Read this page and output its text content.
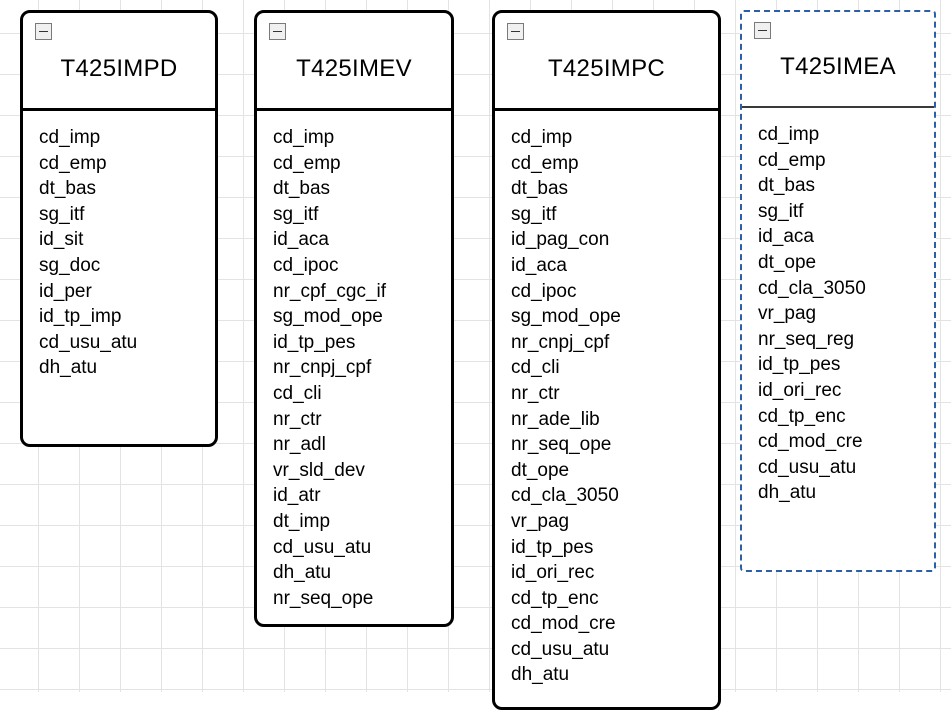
T425IMPD
cd_imp
cd_emp
dt_bas
sg_itf
id_sit
sg_doc
id_per
id_tp_imp
cd_usu_atu
dh_atu
T425IMEV
cd_imp
cd_emp
dt_bas
sg_itf
id_aca
cd_ipoc
nr_cpf_cgc_if
sg_mod_ope
id_tp_pes
nr_cnpj_cpf
cd_cli
nr_ctr
nr_adl
vr_sld_dev
id_atr
dt_imp
cd_usu_atu
dh_atu
nr_seq_ope
T425IMPC
cd_imp
cd_emp
dt_bas
sg_itf
id_pag_con
id_aca
cd_ipoc
sg_mod_ope
nr_cnpj_cpf
cd_cli
nr_ctr
nr_ade_lib
nr_seq_ope
dt_ope
cd_cla_3050
vr_pag
id_tp_pes
id_ori_rec
cd_tp_enc
cd_mod_cre
cd_usu_atu
dh_atu
T425IMEA
cd_imp
cd_emp
dt_bas
sg_itf
id_aca
dt_ope
cd_cla_3050
vr_pag
nr_seq_reg
id_tp_pes
id_ori_rec
cd_tp_enc
cd_mod_cre
cd_usu_atu
dh_atu
